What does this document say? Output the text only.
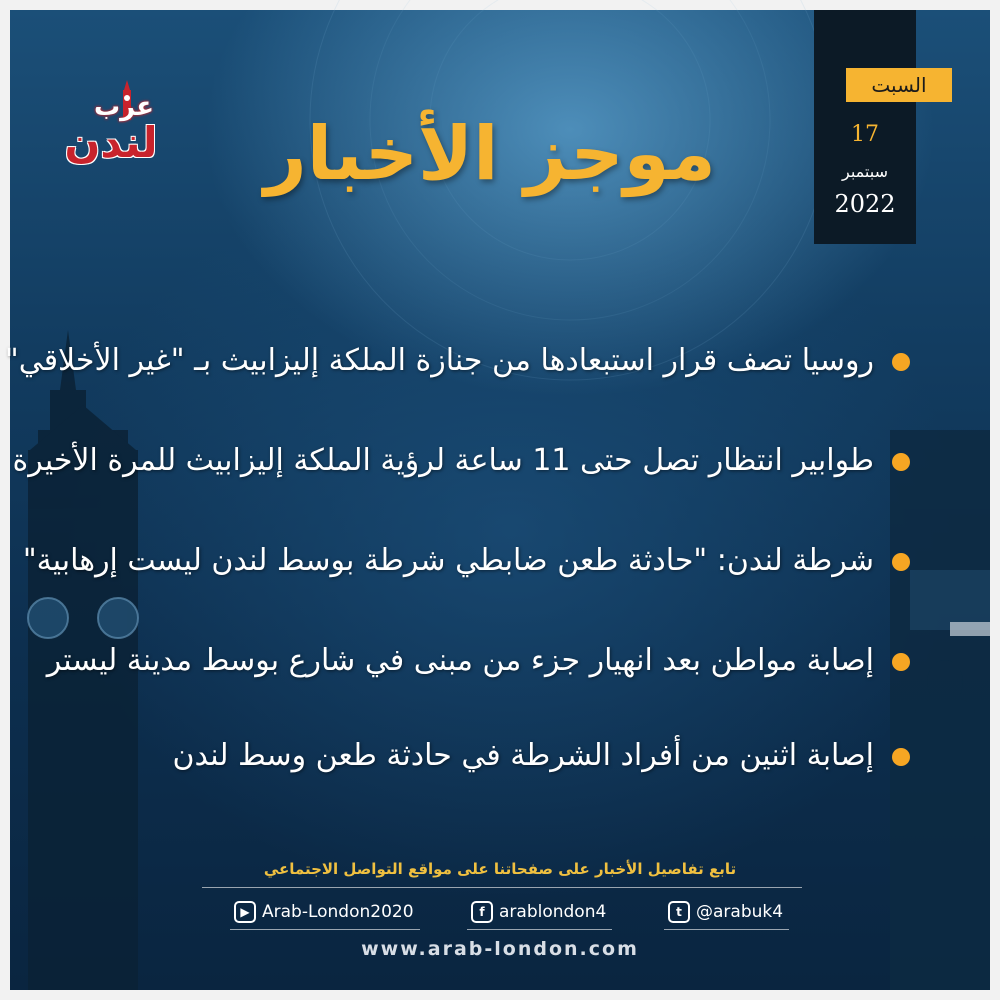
عرب
لندن	موجز الأخبار
السبت
17
سبتمبر
2022
روسيا تصف قرار استبعادها من جنازة الملكة إليزابيث بـ "غير الأخلاقي"
طوابير انتظار تصل حتى 11 ساعة لرؤية الملكة إليزابيث للمرة الأخيرة
شرطة لندن: "حادثة طعن ضابطي شرطة بوسط لندن ليست إرهابية"
إصابة مواطن بعد انهيار جزء من مبنى في شارع بوسط مدينة ليستر
إصابة اثنين من أفراد الشرطة في حادثة طعن وسط لندن
تابع تفاصيل الأخبار على صفحاتنا على مواقع التواصل الاجتماعي
▶ Arab-London2020	f arablondon4	t @arabuk4
www.arab-london.com
